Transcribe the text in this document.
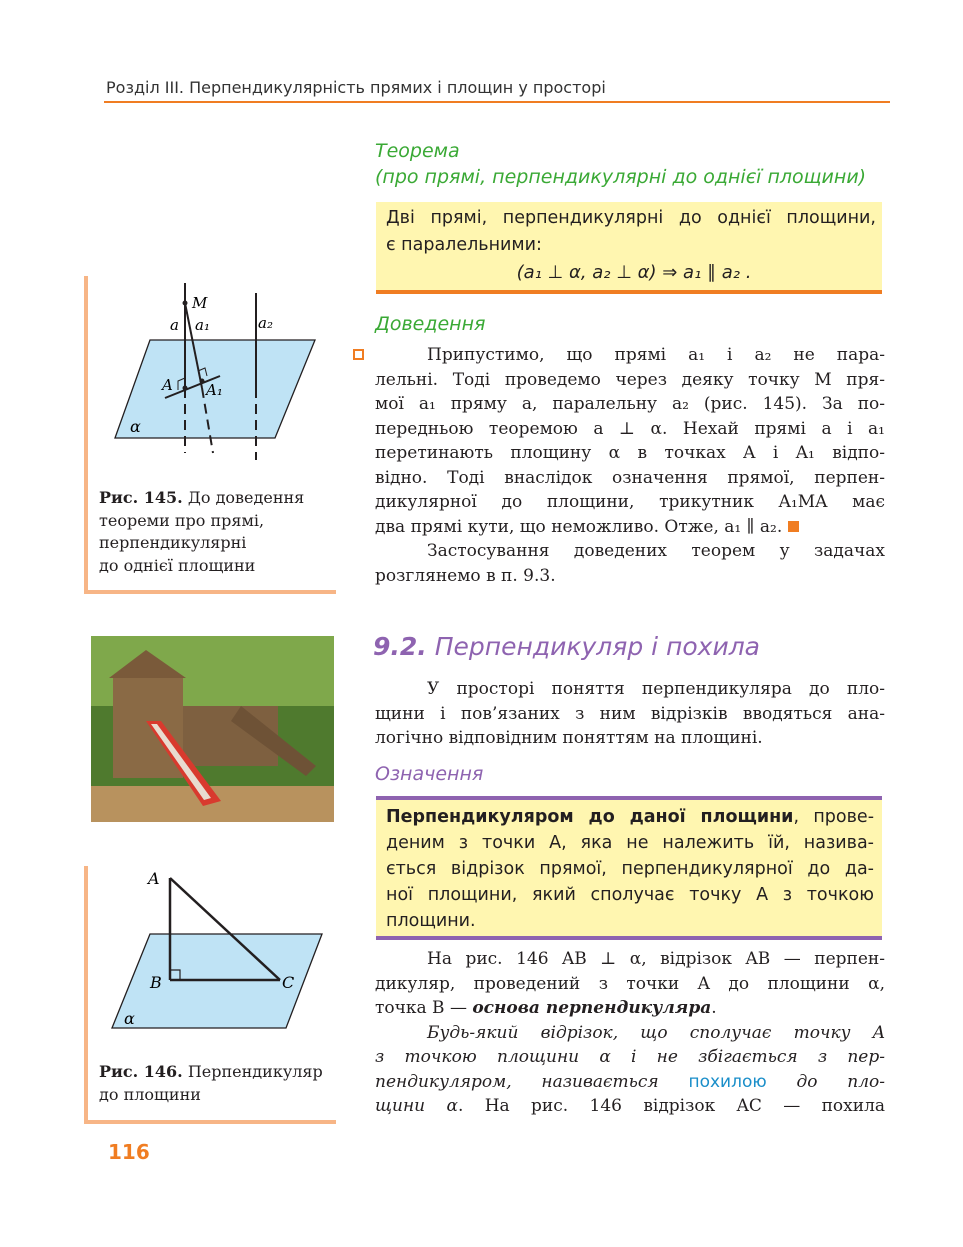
Розділ III. Перпендикулярність прямих і площин у просторі
Теорема
(про прямі, перпендикулярні до однієї площини)
Дві прямі, перпендикулярні до однієї площини,
є паралельними:
(a₁ ⊥ α, a₂ ⊥ α) ⇒ a₁ ∥ a₂ .
Доведення
Припустимо, що прямі a₁ і a₂ не пара-
лельні. Тоді проведемо через деяку точку M пря-
мої a₁ пряму a, паралельну a₂ (рис. 145). За по-
передньою теоремою a ⊥ α. Нехай прямі a і a₁
перетинають площину α в точках A і A₁ відпо-
відно. Тоді внаслідок означення прямої, перпен-
дикулярної до площини, трикутник A₁MA має
два прямі кути, що неможливо. Отже, a₁ ∥ a₂.
Застосування доведених теорем у задачах
розглянемо в п. 9.3.
M
a a₁	a₂
A A₁
α
Рис. 145. До доведення
теореми про прямі,
перпендикулярні
до однієї площини
9.2. Перпендикуляр і похила
У просторі поняття перпендикуляра до пло-
щини і пов’язаних з ним відрізків вводяться ана-
логічно відповідним поняттям на площині.
Означення
Перпендикуляром до даної площини, прове-
деним з точки A, яка не належить їй, назива-
ється відрізок прямої, перпендикулярної до да-
ної площини, який сполучає точку A з точкою
площини.
На рис. 146 AB ⊥ α, відрізок AB — перпен-
дикуляр, проведений з точки A до площини α,
точка B — основа перпендикуляра.
Будь-який відрізок, що сполучає точку A
з точкою площини α і не збігається з пер-
пендикуляром, називається похилою до пло-
щини α. На рис. 146 відрізок AC — похила
A
B	C
α
Рис. 146. Перпендикуляр
до площини
116
